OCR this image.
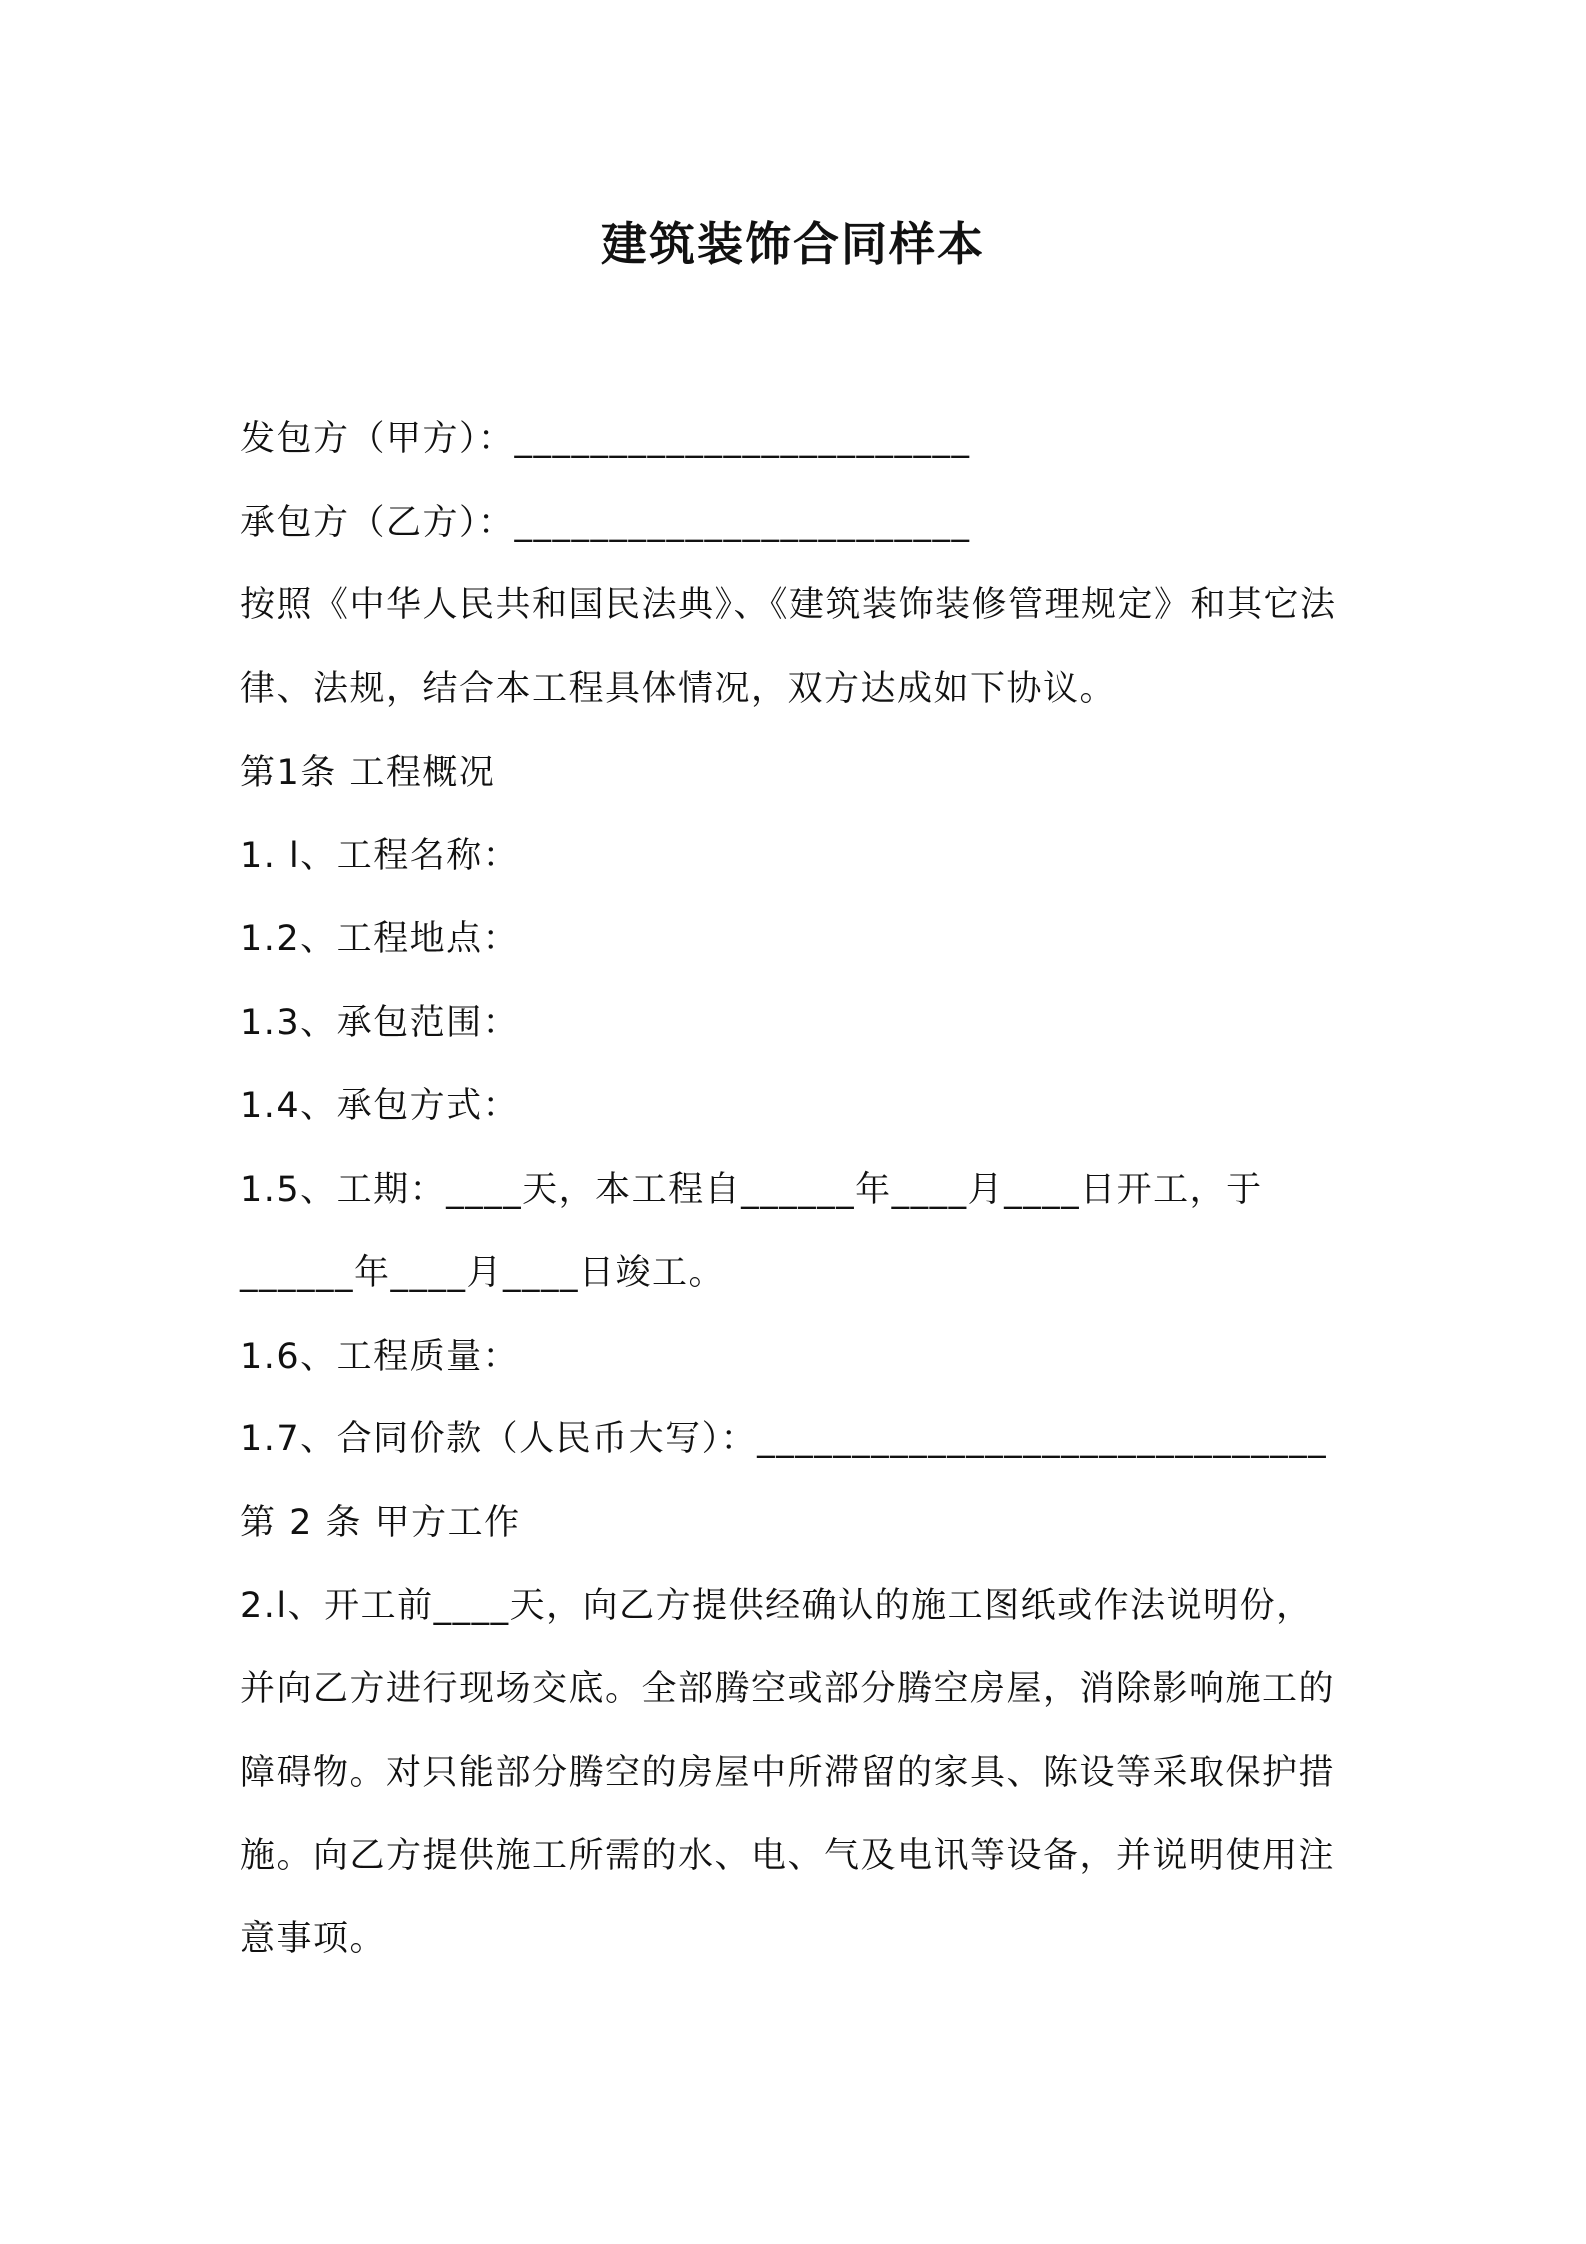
建筑装饰合同样本
发包方（甲方）：________________________
承包方（乙方）：________________________
按照《中华人民共和国民法典》、《建筑装饰装修管理规定》和其它法
律、法规，结合本工程具体情况，双方达成如下协议。
第1条 工程概况
1. l、工程名称：
1.2、工程地点：
1.3、承包范围：
1.4、承包方式：
1.5、工期：____天，本工程自______年____月____日开工，于
______年____月____日竣工。
1.6、工程质量：
1.7、合同价款（人民币大写）：______________________________
第 2 条 甲方工作
2.l、开工前____天，向乙方提供经确认的施工图纸或作法说明份，
并向乙方进行现场交底。全部腾空或部分腾空房屋，消除影响施工的
障碍物。对只能部分腾空的房屋中所滞留的家具、陈设等采取保护措
施。向乙方提供施工所需的水、电、气及电讯等设备，并说明使用注
意事项。
